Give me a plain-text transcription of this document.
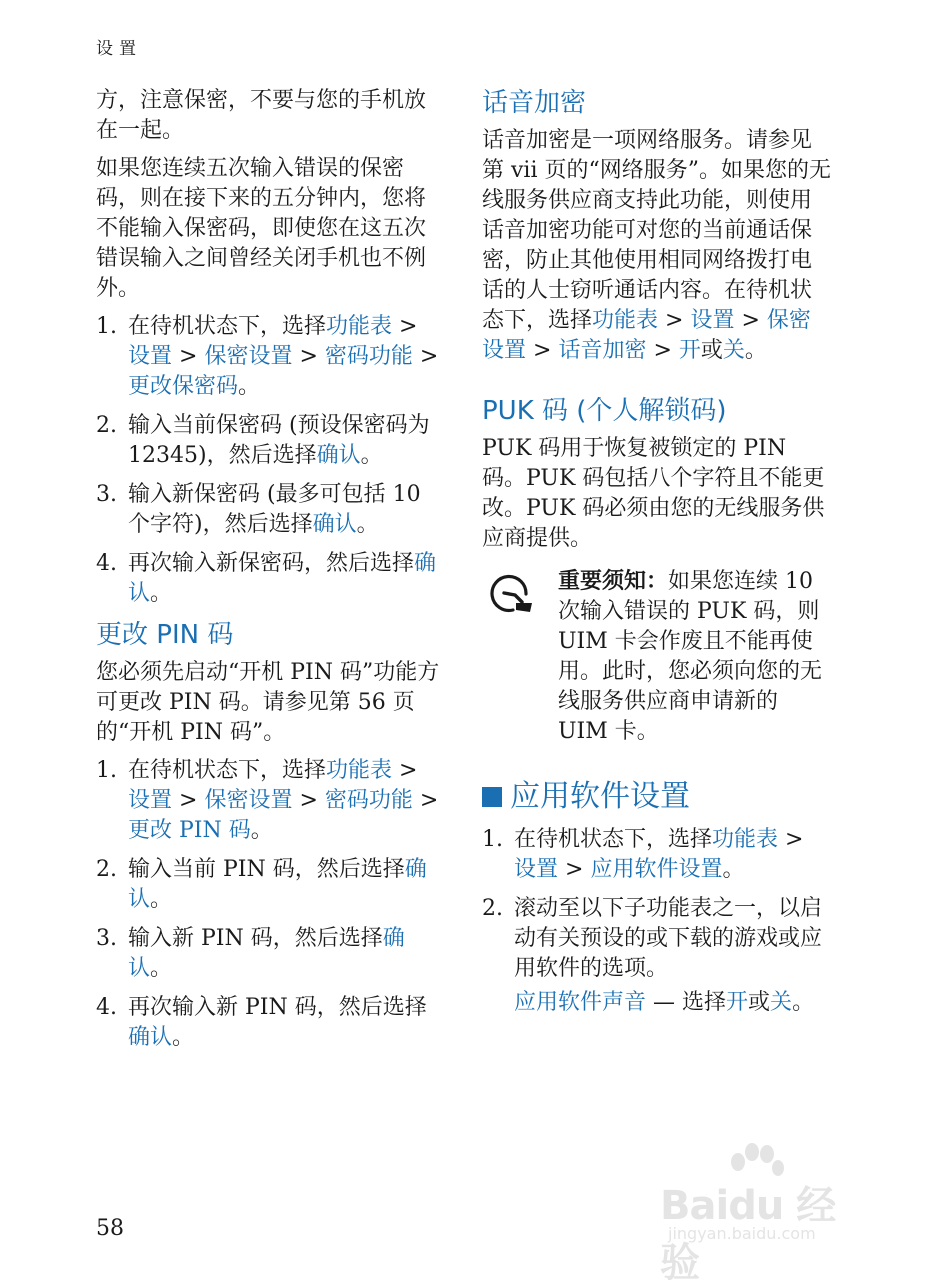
设置

方，注意保密，不要与您的手机放在一起。

如果您连续五次输入错误的保密码，则在接下来的五分钟内，您将不能输入保密码，即使您在这五次错误输入之间曾经关闭手机也不例外。

1. 在待机状态下，选择功能表 > 设置 > 保密设置 > 密码功能 > 更改保密码。
2. 输入当前保密码 (预设保密码为 12345)，然后选择确认。
3. 输入新保密码 (最多可包括 10 个字符)，然后选择确认。
4. 再次输入新保密码，然后选择确认。
更改 PIN 码

您必须先启动“开机 PIN 码”功能方可更改 PIN 码。请参见第 56 页的“开机 PIN 码”。

1. 在待机状态下，选择功能表 > 设置 > 保密设置 > 密码功能 > 更改 PIN 码。
2. 输入当前 PIN 码，然后选择确认。
3. 输入新 PIN 码，然后选择确认。
4. 再次输入新 PIN 码，然后选择确认。
话音加密

话音加密是一项网络服务。请参见第 vii 页的“网络服务”。如果您的无线服务供应商支持此功能，则使用话音加密功能可对您的当前通话保密，防止其他使用相同网络拨打电话的人士窃听通话内容。在待机状态下，选择功能表 > 设置 > 保密设置 > 话音加密 > 开或关。

PUK 码 (个人解锁码)

PUK 码用于恢复被锁定的 PIN 码。PUK 码包括八个字符且不能更改。PUK 码必须由您的无线服务供应商提供。

重要须知：如果您连续 10 次输入错误的 PUK 码，则 UIM 卡会作废且不能再使用。此时，您必须向您的无线服务供应商申请新的 UIM 卡。

应用软件设置
1. 在待机状态下，选择功能表 > 设置 > 应用软件设置。
2. 滚动至以下子功能表之一，以启动有关预设的或下载的游戏或应用软件的选项。

应用软件声音 — 选择开或关。

58	Baidu 经验
jingyan.baidu.com
